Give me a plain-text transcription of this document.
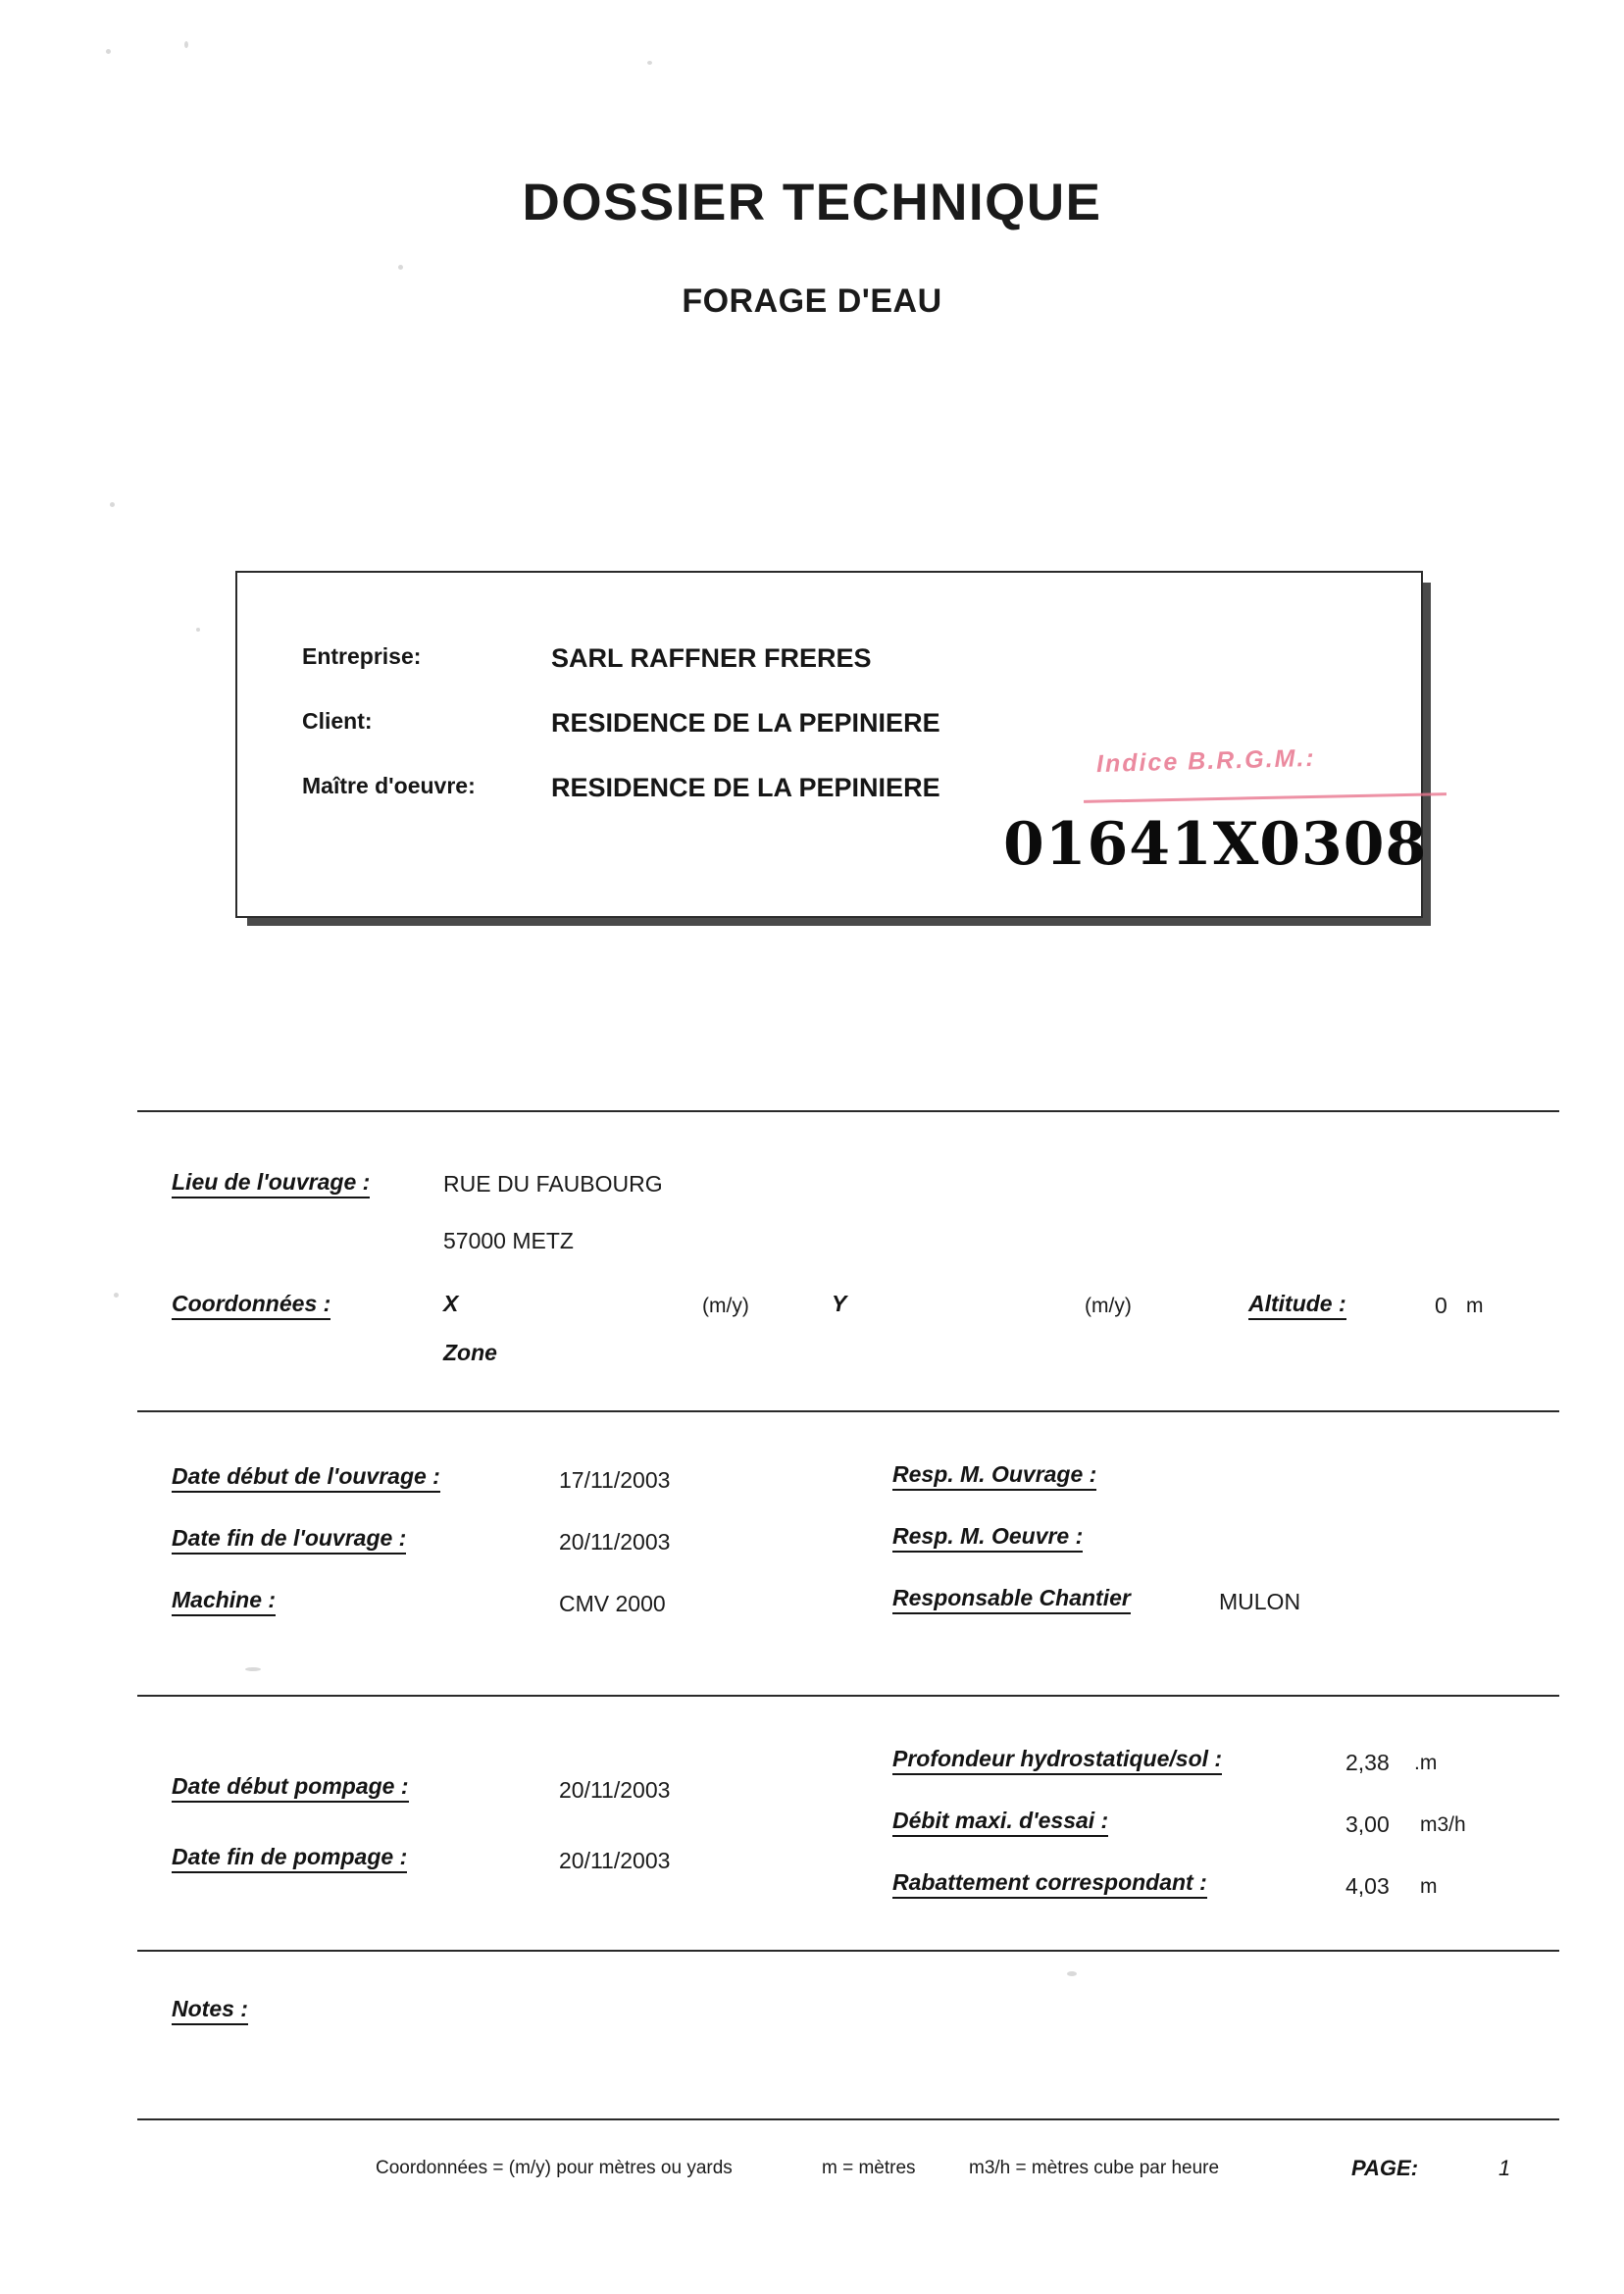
DOSSIER TECHNIQUE
FORAGE D'EAU
Entreprise:	SARL RAFFNER FRERES
Client:	RESIDENCE DE LA PEPINIERE
Maître d'oeuvre:	RESIDENCE DE LA PEPINIERE
Indice B.R.G.M.:
01641X0308
Lieu de l'ouvrage :	RUE DU FAUBOURG
57000 METZ
Coordonnées :	X	(m/y)	Y	(m/y)	Altitude :	0 m
Zone
Date début de l'ouvrage :	17/11/2003	Resp. M. Ouvrage :
Date fin de l'ouvrage :	20/11/2003	Resp. M. Oeuvre :
Machine :	CMV 2000	Responsable Chantier	MULON
Date début pompage :	20/11/2003
Date fin de pompage :	20/11/2003
Profondeur hydrostatique/sol :	2,38 .m
Débit maxi. d'essai :	3,00 m3/h
Rabattement correspondant :	4,03 m
Notes :
Coordonnées = (m/y) pour mètres ou yards	m = mètres	m3/h = mètres cube par heure	PAGE:	1
